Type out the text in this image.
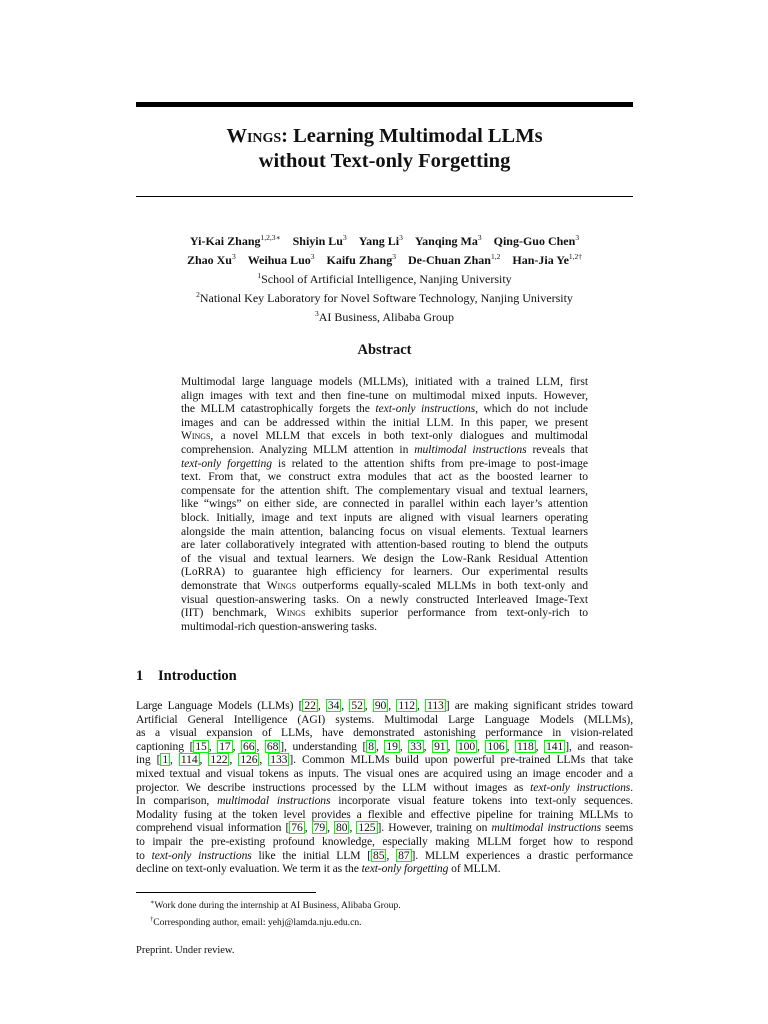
Wings: Learning Multimodal LLMs
without Text-only Forgetting
Yi-Kai Zhang$^{1,2,3∗}$  Shiyin Lu$^3$  Yang Li$^3$  Yanqing Ma$^3$  Qing-Guo Chen$^3$
Zhao Xu$^3$  Weihua Luo$^3$  Kaifu Zhang$^3$  De-Chuan Zhan$^{1,2}$  Han-Jia $Ye^{1,2\dagger}$
$^1$School of Artificial Intelligence, Nanjing University
$^2$National Key Laboratory for Novel Software Technology, Nanjing University
$^3$AI Business, Alibaba Group
Abstract
Multimodal large language models (MLLMs), initiated with a trained LLM, first
align images with text and then fine-tune on multimodal mixed inputs. However,
the MLLM catastrophically forgets the text-only instructions, which do not include
images and can be addressed within the initial LLM. In this paper, we present
Wings, a novel MLLM that excels in both text-only dialogues and multimodal
comprehension. Analyzing MLLM attention in multimodal instructions reveals that
text-only forgetting is related to the attention shifts from pre-image to post-image
text. From that, we construct extra modules that act as the boosted learner to
compensate for the attention shift. The complementary visual and textual learners,
like “wings” on either side, are connected in parallel within each layer’s attention
block. Initially, image and text inputs are aligned with visual learners operating
alongside the main attention, balancing focus on visual elements. Textual learners
are later collaboratively integrated with attention-based routing to blend the outputs
of the visual and textual learners. We design the Low-Rank Residual Attention
(LoRRA) to guarantee high efficiency for learners. Our experimental results
demonstrate that Wings outperforms equally-scaled MLLMs in both text-only and
visual question-answering tasks. On a newly constructed Interleaved Image-Text
(IIT) benchmark, Wings exhibits superior performance from text-only-rich to
multimodal-rich question-answering tasks.
1 Introduction
Large Language Models (LLMs) [ 22 , 34 , 52 , 90 , 112 , 113 ] are making significant strides toward
Artificial General Intelligence (AGI) systems. Multimodal Large Language Models (MLLMs),
as a visual expansion of LLMs, have demonstrated astonishing performance in vision-related
captioning [ 15 , 17 , 66 , 68 ], understanding [ 8 , 19 , 33 , 91 , 100 , 106 , 118 , 141 ], and reason-
ing [ 1 , 114 , 122 , 126 , 133 ]. Common MLLMs build upon powerful pre-trained LLMs that take
mixed textual and visual tokens as inputs. The visual ones are acquired using an image encoder and a
projector. We describe instructions processed by the LLM without images as text-only instructions.
In comparison, multimodal instructions incorporate visual feature tokens into text-only sequences.
Modality fusing at the token level provides a flexible and effective pipeline for training MLLMs to
comprehend visual information [ 76 , 79 , 80 , 125 ]. However, training on multimodal instructions seems
to impair the pre-existing profound knowledge, especially making MLLM forget how to respond
to text-only instructions like the initial LLM [ 85 , 87 ]. MLLM experiences a drastic performance
decline on text-only evaluation. We term it as the text-only forgetting of MLLM.
∗Work done during the internship at AI Business, Alibaba Group.
†Corresponding author, email: yehj@lamda.nju.edu.cn.
Preprint. Under review.
